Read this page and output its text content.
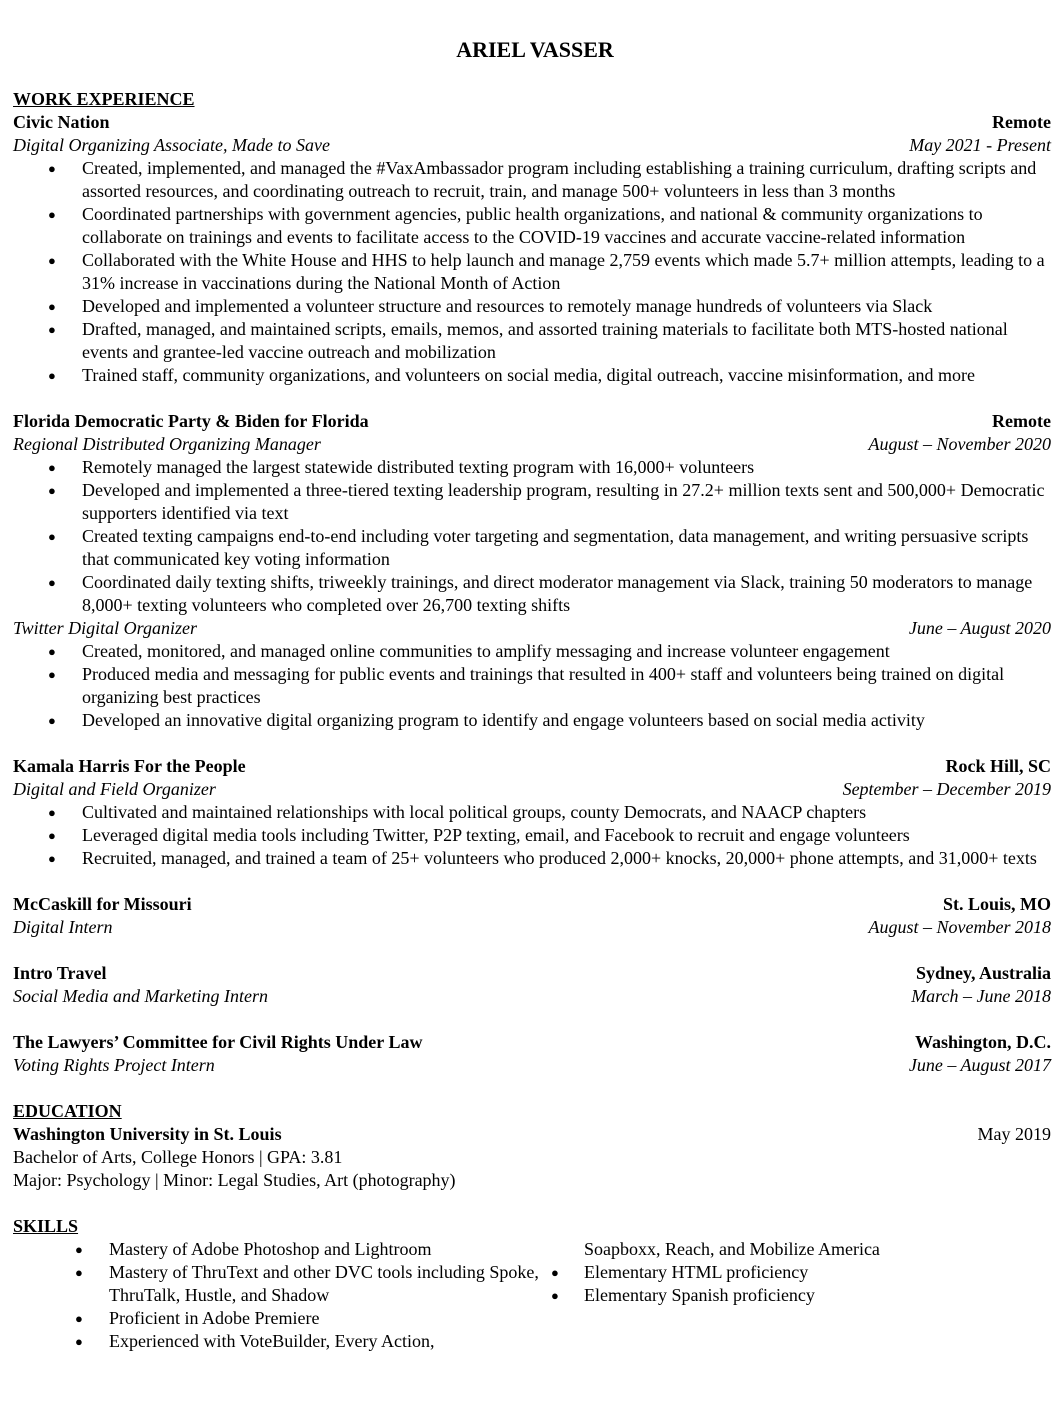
ARIEL VASSER
WORK EXPERIENCE
Civic Nation	Remote
Digital Organizing Associate, Made to Save	May 2021 - Present
● Created, implemented, and managed the #VaxAmbassador program including establishing a training curriculum, drafting scripts and assorted resources, and coordinating outreach to recruit, train, and manage 500+ volunteers in less than 3 months
● Coordinated partnerships with government agencies, public health organizations, and national & community organizations to collaborate on trainings and events to facilitate access to the COVID-19 vaccines and accurate vaccine-related information
● Collaborated with the White House and HHS to help launch and manage 2,759 events which made 5.7+ million attempts, leading to a 31% increase in vaccinations during the National Month of Action
● Developed and implemented a volunteer structure and resources to remotely manage hundreds of volunteers via Slack
● Drafted, managed, and maintained scripts, emails, memos, and assorted training materials to facilitate both MTS-hosted national events and grantee-led vaccine outreach and mobilization
● Trained staff, community organizations, and volunteers on social media, digital outreach, vaccine misinformation, and more
Florida Democratic Party & Biden for Florida	Remote
Regional Distributed Organizing Manager	August – November 2020
● Remotely managed the largest statewide distributed texting program with 16,000+ volunteers
● Developed and implemented a three-tiered texting leadership program, resulting in 27.2+ million texts sent and 500,000+ Democratic supporters identified via text
● Created texting campaigns end-to-end including voter targeting and segmentation, data management, and writing persuasive scripts that communicated key voting information
● Coordinated daily texting shifts, triweekly trainings, and direct moderator management via Slack, training 50 moderators to manage 8,000+ texting volunteers who completed over 26,700 texting shifts
Twitter Digital Organizer	June – August 2020
● Created, monitored, and managed online communities to amplify messaging and increase volunteer engagement
● Produced media and messaging for public events and trainings that resulted in 400+ staff and volunteers being trained on digital organizing best practices
● Developed an innovative digital organizing program to identify and engage volunteers based on social media activity
Kamala Harris For the People	Rock Hill, SC
Digital and Field Organizer	September – December 2019
● Cultivated and maintained relationships with local political groups, county Democrats, and NAACP chapters
● Leveraged digital media tools including Twitter, P2P texting, email, and Facebook to recruit and engage volunteers
● Recruited, managed, and trained a team of 25+ volunteers who produced 2,000+ knocks, 20,000+ phone attempts, and 31,000+ texts
McCaskill for Missouri	St. Louis, MO
Digital Intern	August – November 2018
Intro Travel	Sydney, Australia
Social Media and Marketing Intern	March – June 2018
The Lawyers’ Committee for Civil Rights Under Law	Washington, D.C.
Voting Rights Project Intern	June – August 2017
EDUCATION
Washington University in St. Louis	May 2019
Bachelor of Arts, College Honors | GPA: 3.81
Major: Psychology | Minor: Legal Studies, Art (photography)
SKILLS
● Mastery of Adobe Photoshop and Lightroom
● Mastery of ThruText and other DVC tools including Spoke, ThruTalk, Hustle, and Shadow
● Proficient in Adobe Premiere
● Experienced with VoteBuilder, Every Action,
Soapboxx, Reach, and Mobilize America
● Elementary HTML proficiency
● Elementary Spanish proficiency
